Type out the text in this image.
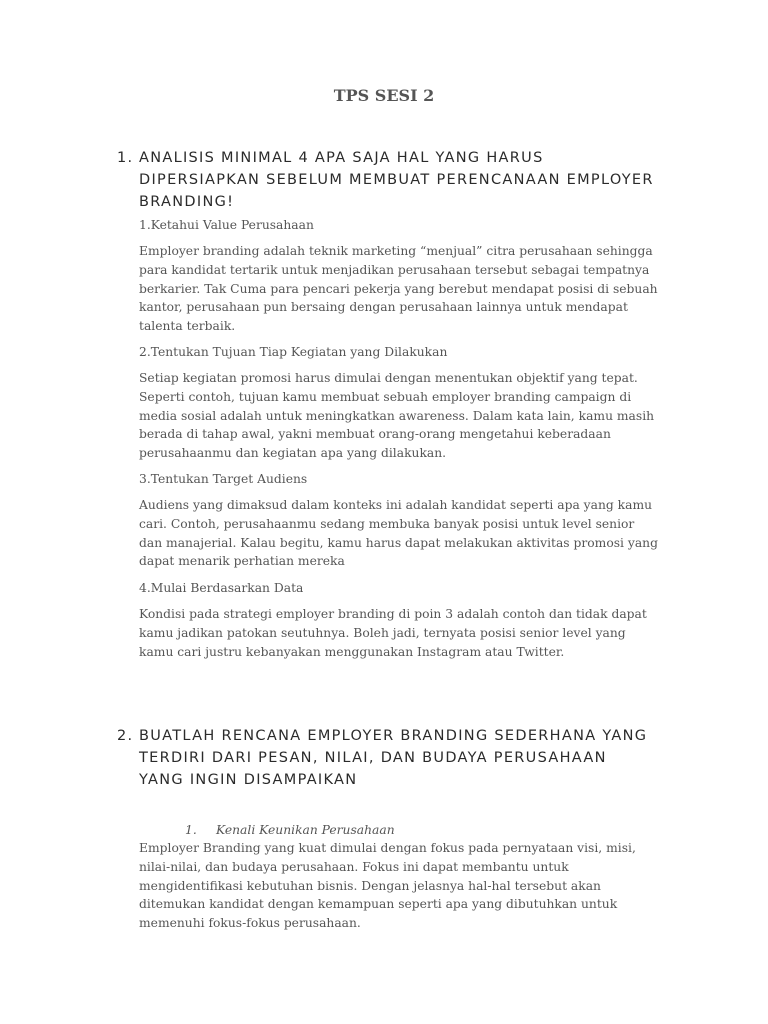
TPS SESI 2
1. ANALISIS MINIMAL 4 APA SAJA HAL YANG HARUS DIPERSIAPKAN SEBELUM MEMBUAT PERENCANAAN EMPLOYER BRANDING!
1.Ketahui Value Perusahaan
Employer branding adalah teknik marketing “menjual” citra perusahaan sehingga para kandidat tertarik untuk menjadikan perusahaan tersebut sebagai tempatnya berkarier. Tak Cuma para pencari pekerja yang berebut mendapat posisi di sebuah kantor, perusahaan pun bersaing dengan perusahaan lainnya untuk mendapat talenta terbaik.
2.Tentukan Tujuan Tiap Kegiatan yang Dilakukan
Setiap kegiatan promosi harus dimulai dengan menentukan objektif yang tepat. Seperti contoh, tujuan kamu membuat sebuah employer branding campaign di media sosial adalah untuk meningkatkan awareness. Dalam kata lain, kamu masih berada di tahap awal, yakni membuat orang-orang mengetahui keberadaan perusahaanmu dan kegiatan apa yang dilakukan.
3.Tentukan Target Audiens
Audiens yang dimaksud dalam konteks ini adalah kandidat seperti apa yang kamu cari. Contoh, perusahaanmu sedang membuka banyak posisi untuk level senior dan manajerial. Kalau begitu, kamu harus dapat melakukan aktivitas promosi yang dapat menarik perhatian mereka
4.Mulai Berdasarkan Data
Kondisi pada strategi employer branding di poin 3 adalah contoh dan tidak dapat kamu jadikan patokan seutuhnya. Boleh jadi, ternyata posisi senior level yang kamu cari justru kebanyakan menggunakan Instagram atau Twitter.
2. BUATLAH RENCANA EMPLOYER BRANDING SEDERHANA YANG TERDIRI DARI PESAN, NILAI, DAN BUDAYA PERUSAHAAN YANG INGIN DISAMPAIKAN
1. Kenali Keunikan Perusahaan
Employer Branding yang kuat dimulai dengan fokus pada pernyataan visi, misi, nilai-nilai, dan budaya perusahaan. Fokus ini dapat membantu untuk mengidentifikasi kebutuhan bisnis. Dengan jelasnya hal-hal tersebut akan ditemukan kandidat dengan kemampuan seperti apa yang dibutuhkan untuk memenuhi fokus-fokus perusahaan.
